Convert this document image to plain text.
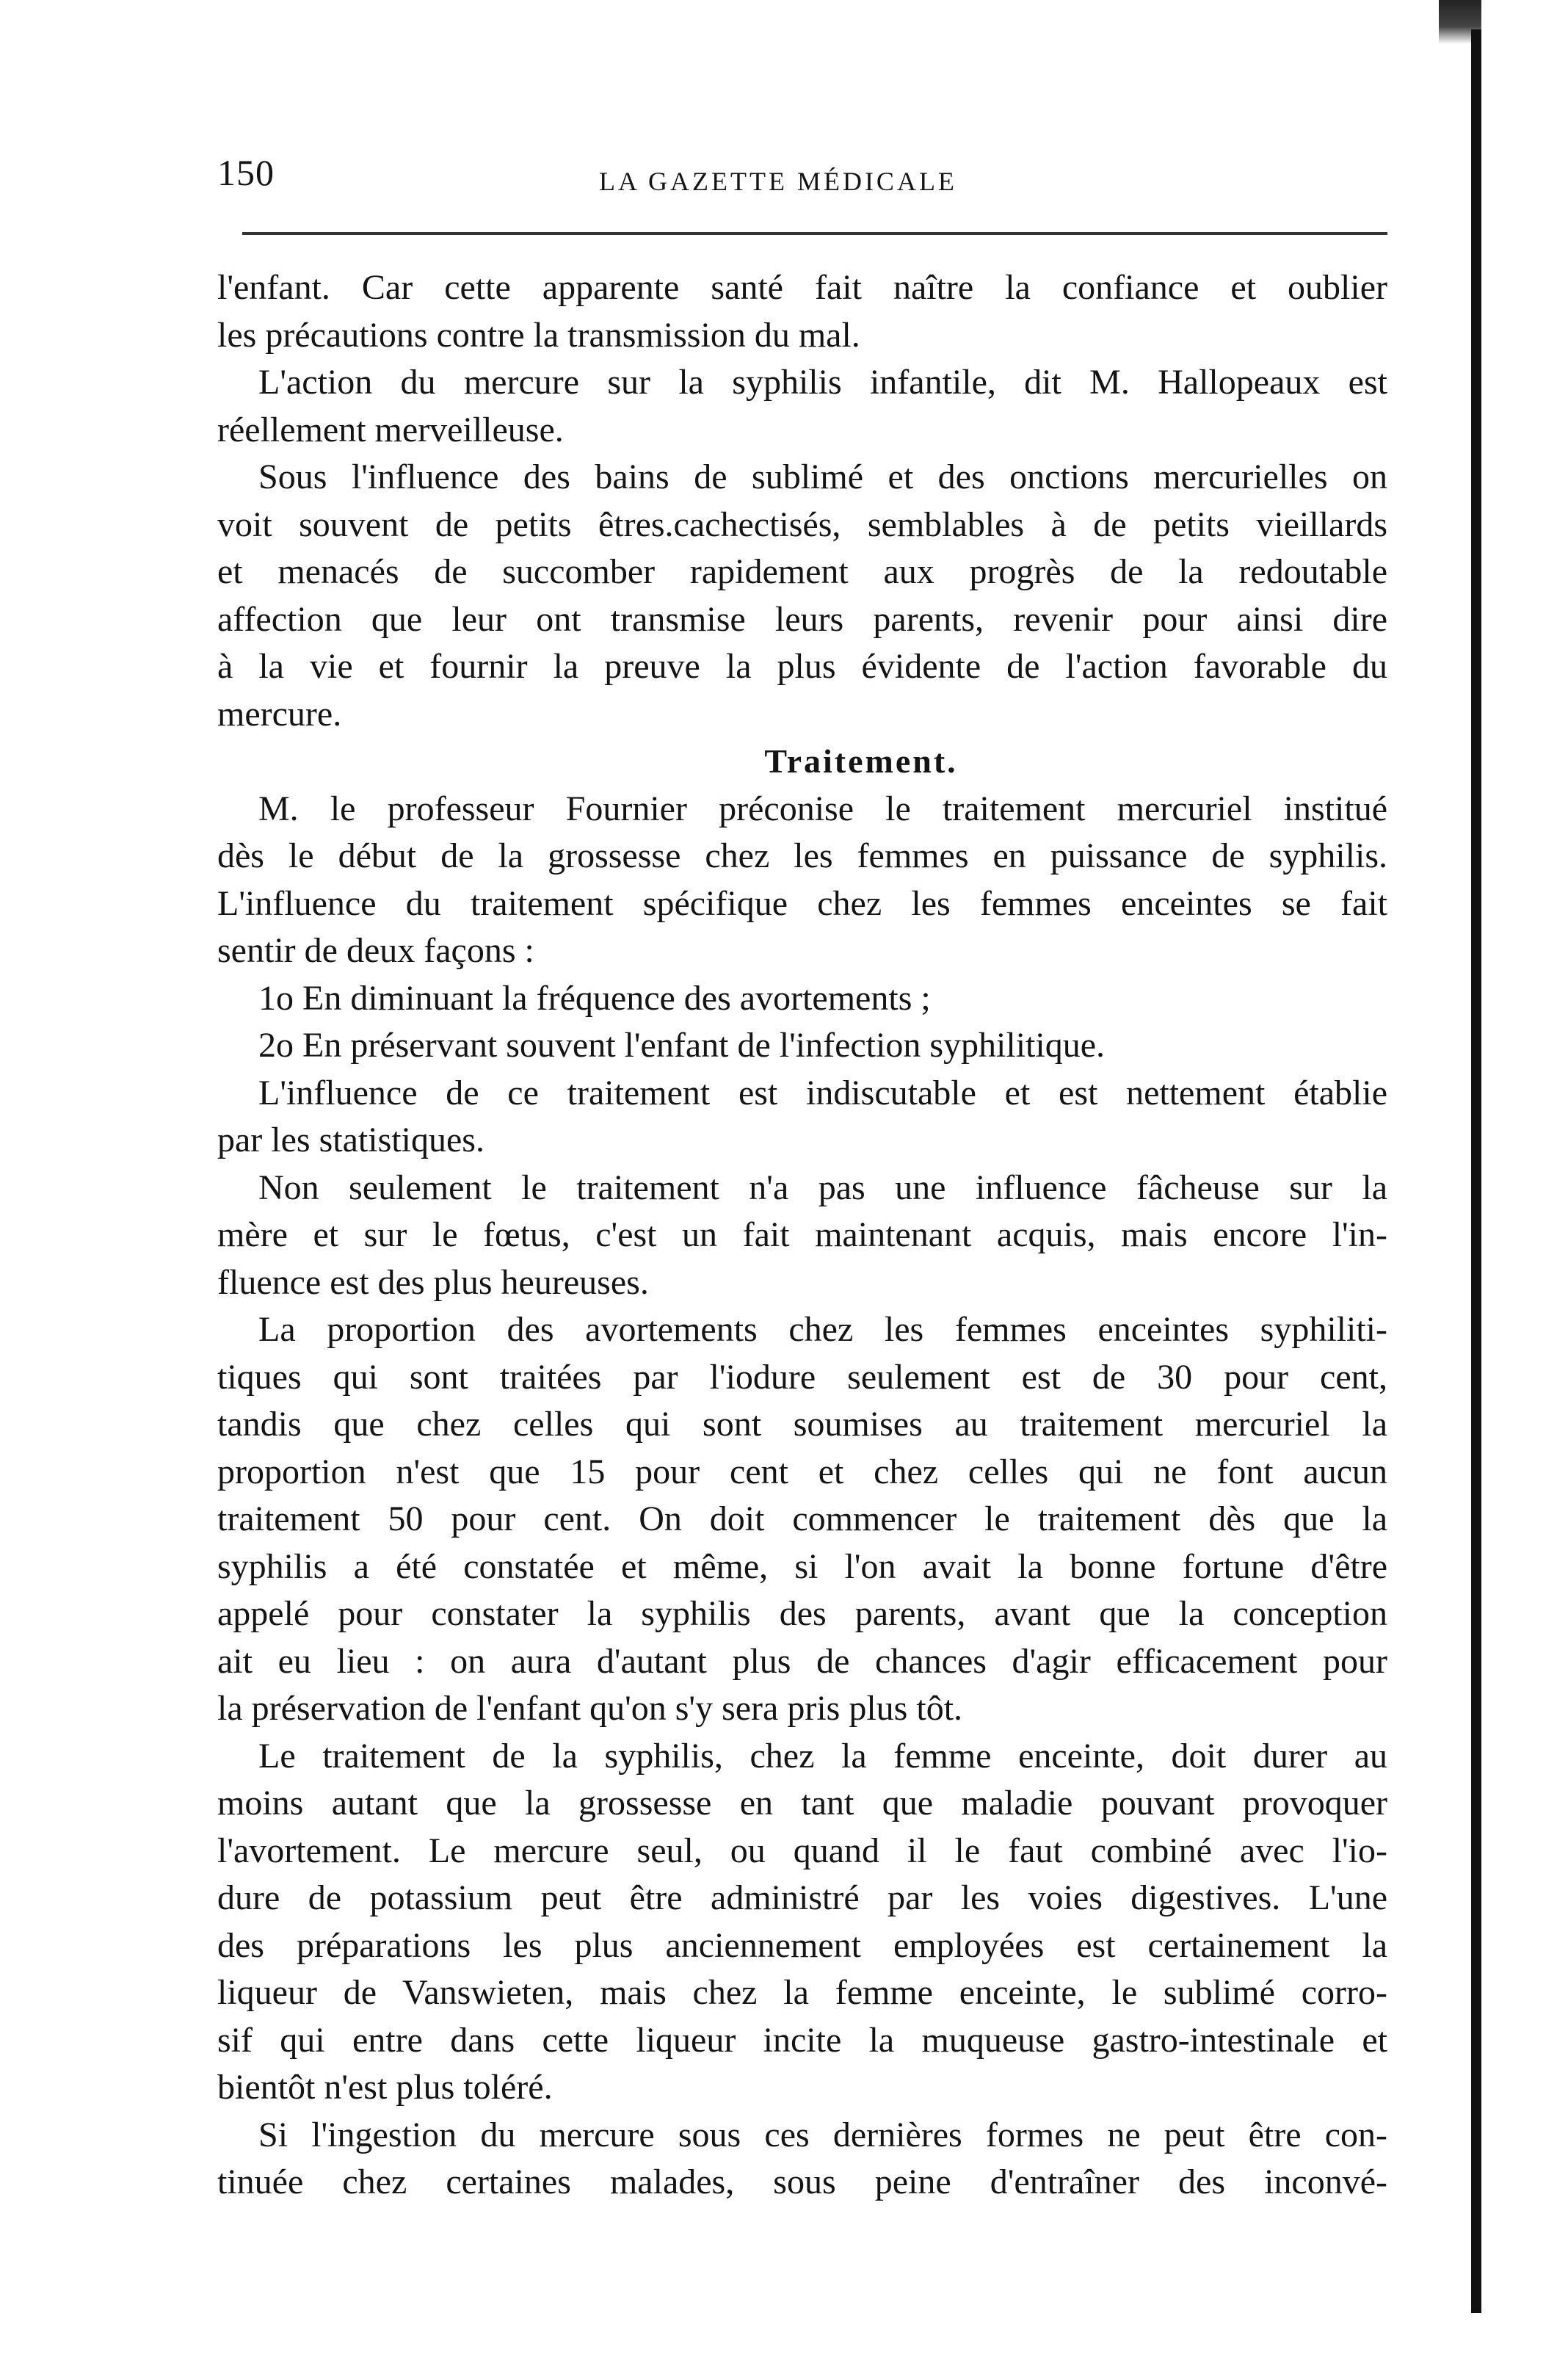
150	LA GAZETTE MÉDICALE
l'enfant. Car cette apparente santé fait naître la confiance et oublier
les précautions contre la transmission du mal.
L'action du mercure sur la syphilis infantile, dit M. Hallopeaux est
réellement merveilleuse.
Sous l'influence des bains de sublimé et des onctions mercurielles on
voit souvent de petits êtres.cachectisés, semblables à de petits vieillards
et menacés de succomber rapidement aux progrès de la redoutable
affection que leur ont transmise leurs parents, revenir pour ainsi dire
à la vie et fournir la preuve la plus évidente de l'action favorable du
mercure.
Traitement.
M. le professeur Fournier préconise le traitement mercuriel institué
dès le début de la grossesse chez les femmes en puissance de syphilis.
L'influence du traitement spécifique chez les femmes enceintes se fait
sentir de deux façons :
1o En diminuant la fréquence des avortements ;
2o En préservant souvent l'enfant de l'infection syphilitique.
L'influence de ce traitement est indiscutable et est nettement établie
par les statistiques.
Non seulement le traitement n'a pas une influence fâcheuse sur la
mère et sur le fœtus, c'est un fait maintenant acquis, mais encore l'in-
fluence est des plus heureuses.
La proportion des avortements chez les femmes enceintes syphiliti-
tiques qui sont traitées par l'iodure seulement est de 30 pour cent,
tandis que chez celles qui sont soumises au traitement mercuriel la
proportion n'est que 15 pour cent et chez celles qui ne font aucun
traitement 50 pour cent. On doit commencer le traitement dès que la
syphilis a été constatée et même, si l'on avait la bonne fortune d'être
appelé pour constater la syphilis des parents, avant que la conception
ait eu lieu : on aura d'autant plus de chances d'agir efficacement pour
la préservation de l'enfant qu'on s'y sera pris plus tôt.
Le traitement de la syphilis, chez la femme enceinte, doit durer au
moins autant que la grossesse en tant que maladie pouvant provoquer
l'avortement. Le mercure seul, ou quand il le faut combiné avec l'io-
dure de potassium peut être administré par les voies digestives. L'une
des préparations les plus anciennement employées est certainement la
liqueur de Vanswieten, mais chez la femme enceinte, le sublimé corro-
sif qui entre dans cette liqueur incite la muqueuse gastro-intestinale et
bientôt n'est plus toléré.
Si l'ingestion du mercure sous ces dernières formes ne peut être con-
tinuée chez certaines malades, sous peine d'entraîner des inconvé-
